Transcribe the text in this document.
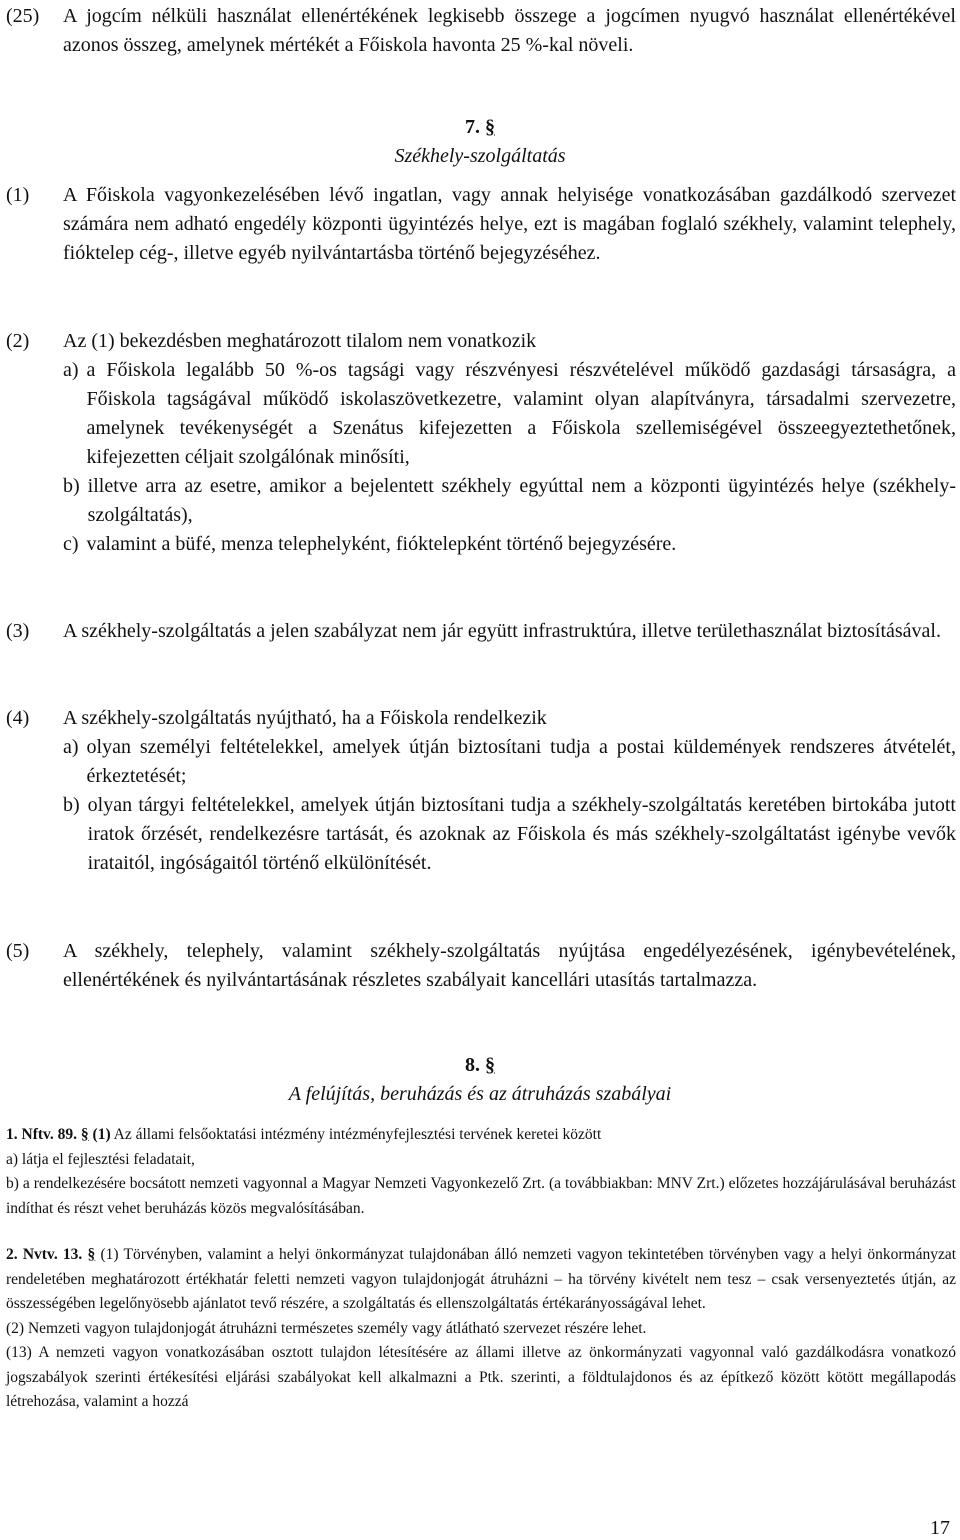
(25)	A jogcím nélküli használat ellenértékének legkisebb összege a jogcímen nyugvó használat ellenértékével azonos összeg, amelynek mértékét a Főiskola havonta 25 %-kal növeli.
7. §
Székhely-szolgáltatás
(1)	A Főiskola vagyonkezelésében lévő ingatlan, vagy annak helyisége vonatkozásában gazdálkodó szervezet számára nem adható engedély központi ügyintézés helye, ezt is magában foglaló székhely, valamint telephely, fióktelep cég-, illetve egyéb nyilvántartásba történő bejegyzéséhez.
(2)	Az (1) bekezdésben meghatározott tilalom nem vonatkozik
a) a Főiskola legalább 50 %-os tagsági vagy részvényesi részvételével működő gazdasági társaságra, a Főiskola tagságával működő iskolaszövetkezetre, valamint olyan alapítványra, társadalmi szervezetre, amelynek tevékenységét a Szenátus kifejezetten a Főiskola szellemiségével összeegyeztethetőnek, kifejezetten céljait szolgálónak minősíti,
b) illetve arra az esetre, amikor a bejelentett székhely egyúttal nem a központi ügyintézés helye (székhely-szolgáltatás),
c) valamint a büfé, menza telephelyként, fióktelepként történő bejegyzésére.
(3)	A székhely-szolgáltatás a jelen szabályzat nem jár együtt infrastruktúra, illetve területhasználat biztosításával.
(4)	A székhely-szolgáltatás nyújtható, ha a Főiskola rendelkezik
a) olyan személyi feltételekkel, amelyek útján biztosítani tudja a postai küldemények rendszeres átvételét, érkeztetését;
b) olyan tárgyi feltételekkel, amelyek útján biztosítani tudja a székhely-szolgáltatás keretében birtokába jutott iratok őrzését, rendelkezésre tartását, és azoknak az Főiskola és más székhely-szolgáltatást igénybe vevők irataitól, ingóságaitól történő elkülönítését.
(5)	A székhely, telephely, valamint székhely-szolgáltatás nyújtása engedélyezésének, igénybevételének, ellenértékének és nyilvántartásának részletes szabályait kancellári utasítás tartalmazza.
8. §
A felújítás, beruházás és az átruházás szabályai
1. Nftv. 89. § (1) Az állami felsőoktatási intézmény intézményfejlesztési tervének keretei között
a) látja el fejlesztési feladatait,
b) a rendelkezésére bocsátott nemzeti vagyonnal a Magyar Nemzeti Vagyonkezelő Zrt. (a továbbiakban: MNV Zrt.) előzetes hozzájárulásával beruházást indíthat és részt vehet beruházás közös megvalósításában.
2. Nvtv. 13. § (1) Törvényben, valamint a helyi önkormányzat tulajdonában álló nemzeti vagyon tekintetében törvényben vagy a helyi önkormányzat rendeletében meghatározott értékhatár feletti nemzeti vagyon tulajdonjogát átruházni – ha törvény kivételt nem tesz – csak versenyeztetés útján, az összességében legelőnyösebb ajánlatot tevő részére, a szolgáltatás és ellenszolgáltatás értékarányosságával lehet.
(2) Nemzeti vagyon tulajdonjogát átruházni természetes személy vagy átlátható szervezet részére lehet.
(13) A nemzeti vagyon vonatkozásában osztott tulajdon létesítésére az állami illetve az önkormányzati vagyonnal való gazdálkodásra vonatkozó jogszabályok szerinti értékesítési eljárási szabályokat kell alkalmazni a Ptk. szerinti, a földtulajdonos és az építkező között kötött megállapodás létrehozása, valamint a hozzá
17
